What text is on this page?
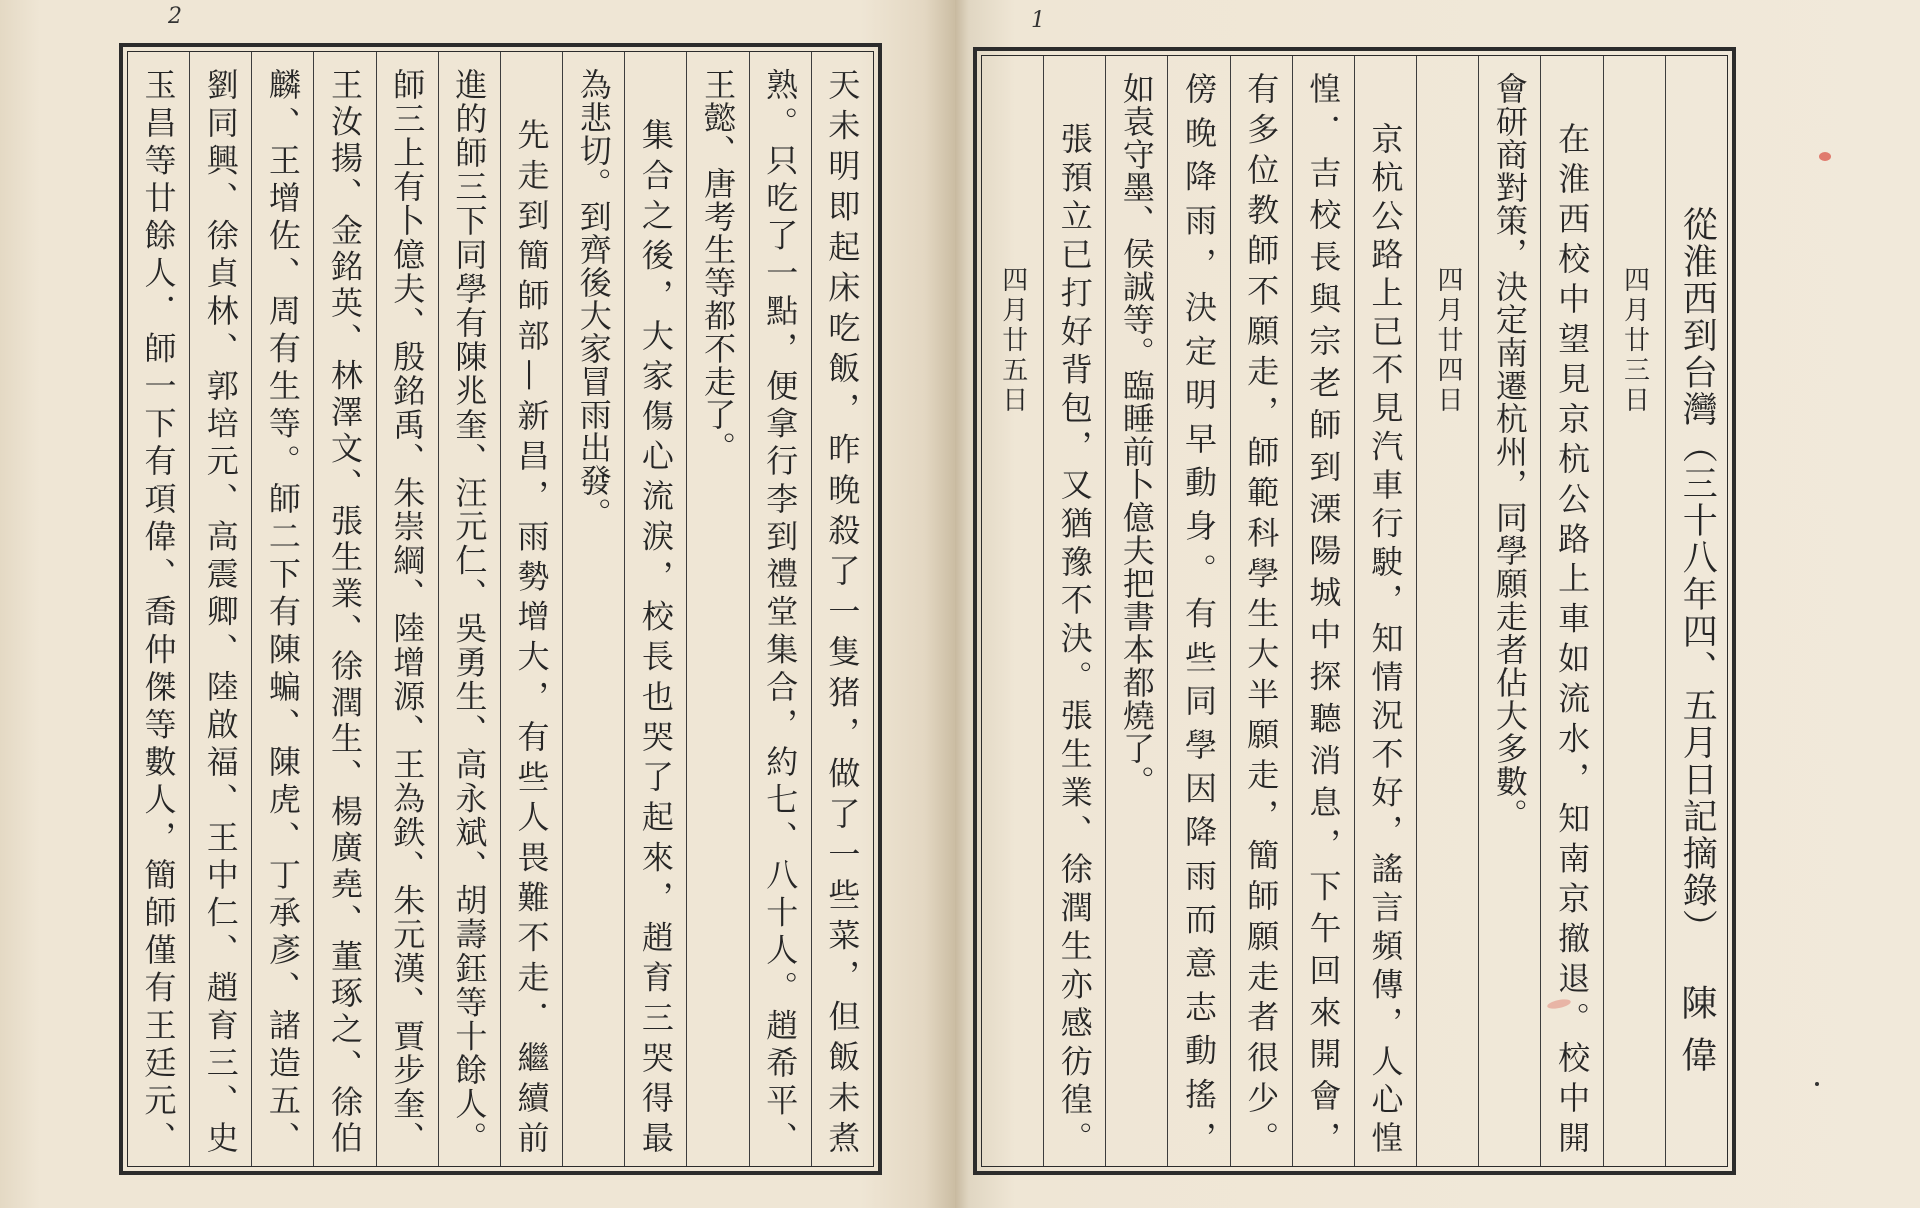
2
天未明即起床吃飯，昨晚殺了一隻猪，做了一些菜，但飯未煮
熟。只吃了一點，便拿行李到禮堂集合，約七、八十人。趙希平、
王懿、唐考生等都不走了。
集合之後，大家傷心流淚，校長也哭了起來，趙育三哭得最
為悲切。到齊後大家冒雨出發。
先走到簡師部—新昌，雨勢增大，有些人畏難不走．繼續前
進的師三下同學有陳兆奎、汪元仁、吳勇生、高永斌、胡壽鈺等十餘人。
師三上有卜億夫、殷銘禹、朱崇綱、陸增源、王為鉄、朱元漢、賈步奎、
王汝揚、金銘英、林澤文、張生業、徐潤生、楊廣堯、董琢之、徐伯
麟、王增佐、周有生等。師二下有陳蝙、陳虎、丁承彥、諸造五、
劉同興、徐貞林、郭培元、高震卿、陸啟福、王中仁、趙育三、史
玉昌等廿餘人．師一下有項偉、喬仲傑等數人，簡師僅有王廷元、
1
從淮西到台灣（三十八年四、五月日記摘錄）
陳偉
四月廿三日
在淮西校中望見京杭公路上車如流水，知南京撤退。校中開
會研商對策，決定南遷杭州，同學願走者佔大多數。
四月廿四日
京杭公路上已不見汽車行駛，知情況不好，謠言頻傳，人心惶
惶．吉校長與宗老師到溧陽城中探聽消息，下午回來開會，
有多位教師不願走，師範科學生大半願走，簡師願走者很少。
傍晚降雨，決定明早動身。有些同學因降雨而意志動搖，
如袁守墨、侯誠等。臨睡前卜億夫把書本都燒了。
張預立已打好背包，又猶豫不決。張生業、徐潤生亦感彷徨。
四月廿五日
